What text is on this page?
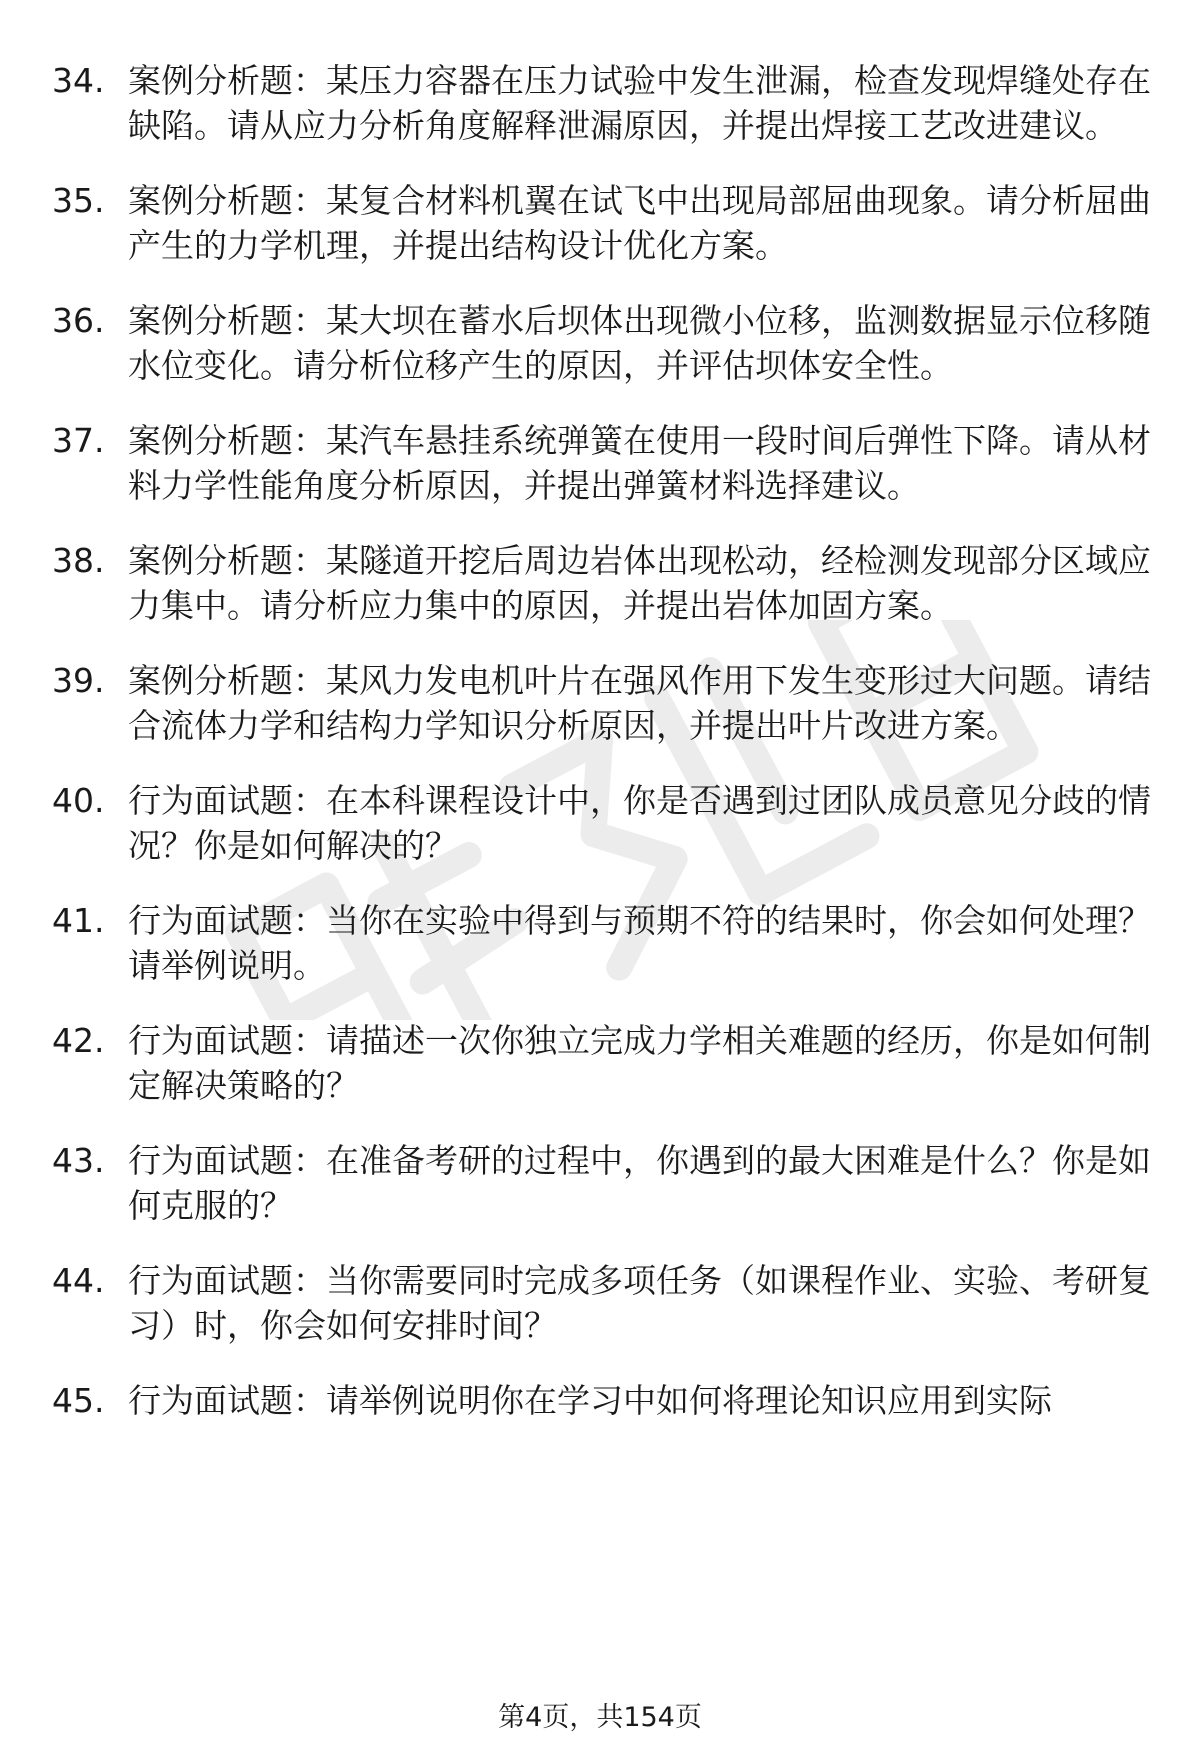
34. 案例分析题：某压力容器在压力试验中发生泄漏，检查发现焊缝处存在缺陷。请从应力分析角度解释泄漏原因，并提出焊接工艺改进建议。
35. 案例分析题：某复合材料机翼在试飞中出现局部屈曲现象。请分析屈曲产生的力学机理，并提出结构设计优化方案。
36. 案例分析题：某大坝在蓄水后坝体出现微小位移，监测数据显示位移随水位变化。请分析位移产生的原因，并评估坝体安全性。
37. 案例分析题：某汽车悬挂系统弹簧在使用一段时间后弹性下降。请从材料力学性能角度分析原因，并提出弹簧材料选择建议。
38. 案例分析题：某隧道开挖后周边岩体出现松动，经检测发现部分区域应力集中。请分析应力集中的原因，并提出岩体加固方案。
39. 案例分析题：某风力发电机叶片在强风作用下发生变形过大问题。请结合流体力学和结构力学知识分析原因，并提出叶片改进方案。
40. 行为面试题：在本科课程设计中，你是否遇到过团队成员意见分歧的情况？你是如何解决的？
41. 行为面试题：当你在实验中得到与预期不符的结果时，你会如何处理？请举例说明。
42. 行为面试题：请描述一次你独立完成力学相关难题的经历，你是如何制定解决策略的？
43. 行为面试题：在准备考研的过程中，你遇到的最大困难是什么？你是如何克服的？
44. 行为面试题：当你需要同时完成多项任务（如课程作业、实验、考研复习）时，你会如何安排时间？
45. 行为面试题：请举例说明你在学习中如何将理论知识应用到实际
第4页，共154页
